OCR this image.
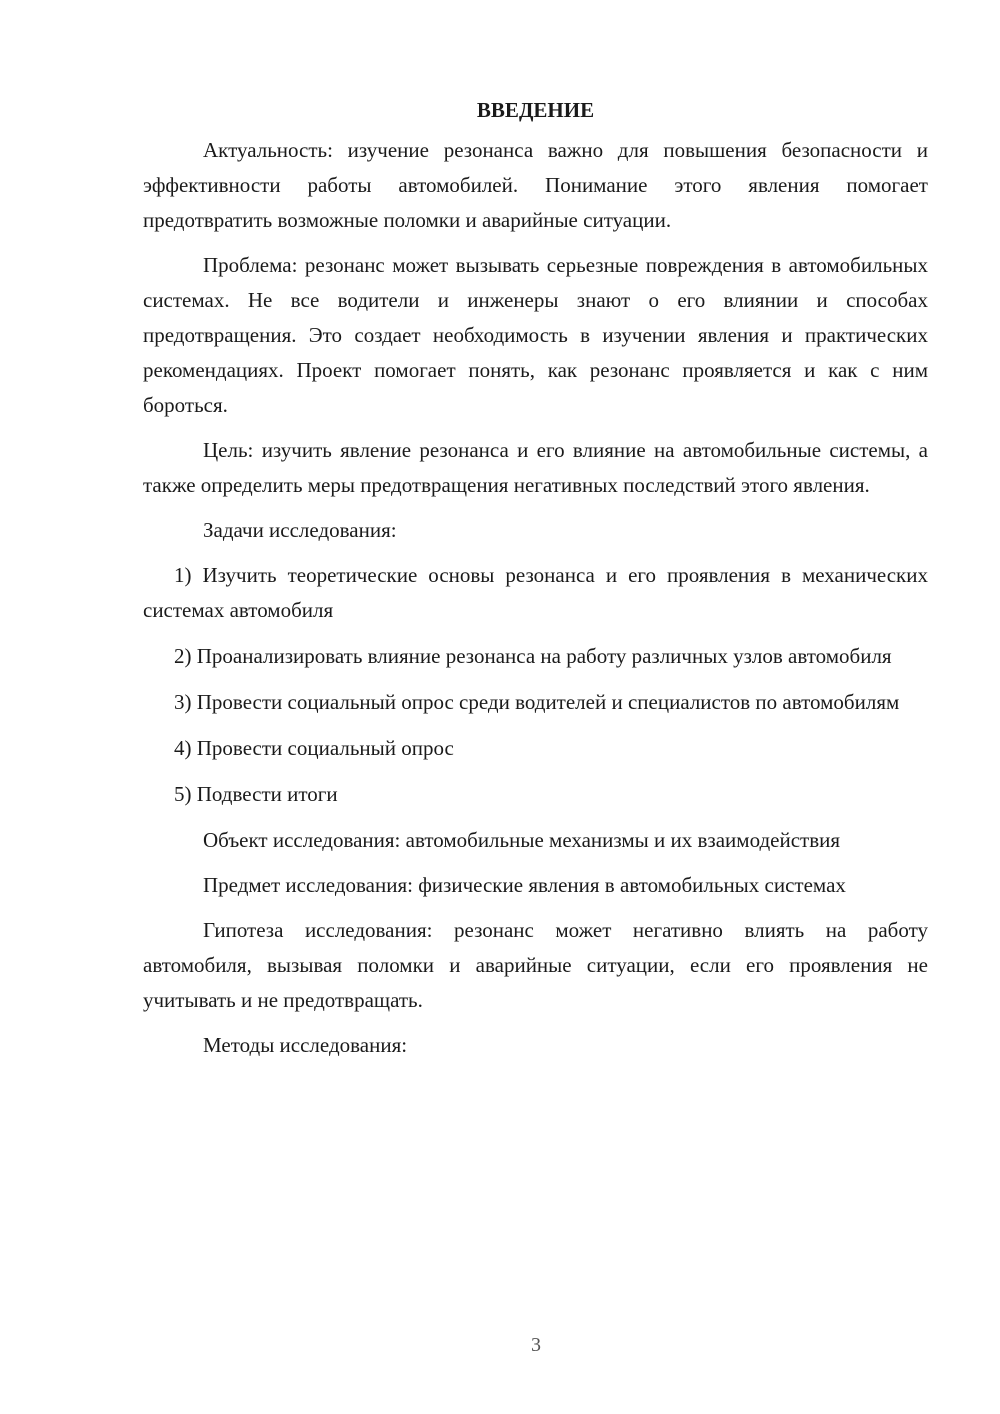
ВВЕДЕНИЕ

Актуальность: изучение резонанса важно для повышения безопасности и эффективности работы автомобилей. Понимание этого явления помогает предотвратить возможные поломки и аварийные ситуации.

Проблема: резонанс может вызывать серьезные повреждения в автомобильных системах. Не все водители и инженеры знают о его влиянии и способах предотвращения. Это создает необходимость в изучении явления и практических рекомендациях. Проект помогает понять, как резонанс проявляется и как с ним бороться.

Цель: изучить явление резонанса и его влияние на автомобильные системы, а также определить меры предотвращения негативных последствий этого явления.

Задачи исследования:

1) Изучить теоретические основы резонанса и его проявления в механических системах автомобиля

2) Проанализировать влияние резонанса на работу различных узлов автомобиля

3) Провести социальный опрос среди водителей и специалистов по автомобилям

4) Провести социальный опрос

5) Подвести итоги

Объект исследования: автомобильные механизмы и их взаимодействия

Предмет исследования: физические явления в автомобильных системах

Гипотеза исследования: резонанс может негативно влиять на работу автомобиля, вызывая поломки и аварийные ситуации, если его проявления не учитывать и не предотвращать.

Методы исследования:

3
